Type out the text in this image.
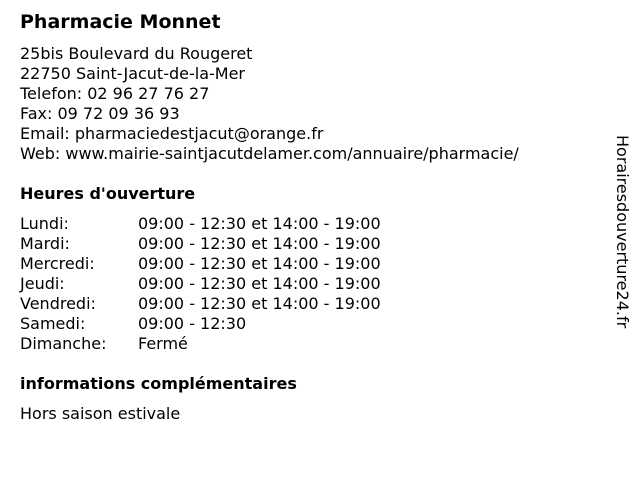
Pharmacie Monnet
25bis Boulevard du Rougeret
22750 Saint-Jacut-de-la-Mer
Telefon: 02 96 27 76 27
Fax: 09 72 09 36 93
Email: pharmaciedestjacut@orange.fr
Web: www.mairie-saintjacutdelamer.com/annuaire/pharmacie/
Heures d'ouverture
Lundi:	09:00 - 12:30 et 14:00 - 19:00
Mardi:	09:00 - 12:30 et 14:00 - 19:00
Mercredi:	09:00 - 12:30 et 14:00 - 19:00
Jeudi:	09:00 - 12:30 et 14:00 - 19:00
Vendredi:	09:00 - 12:30 et 14:00 - 19:00
Samedi:	09:00 - 12:30
Dimanche: Fermé
informations complémentaires
Hors saison estivale
Horairesdouverture24.fr
